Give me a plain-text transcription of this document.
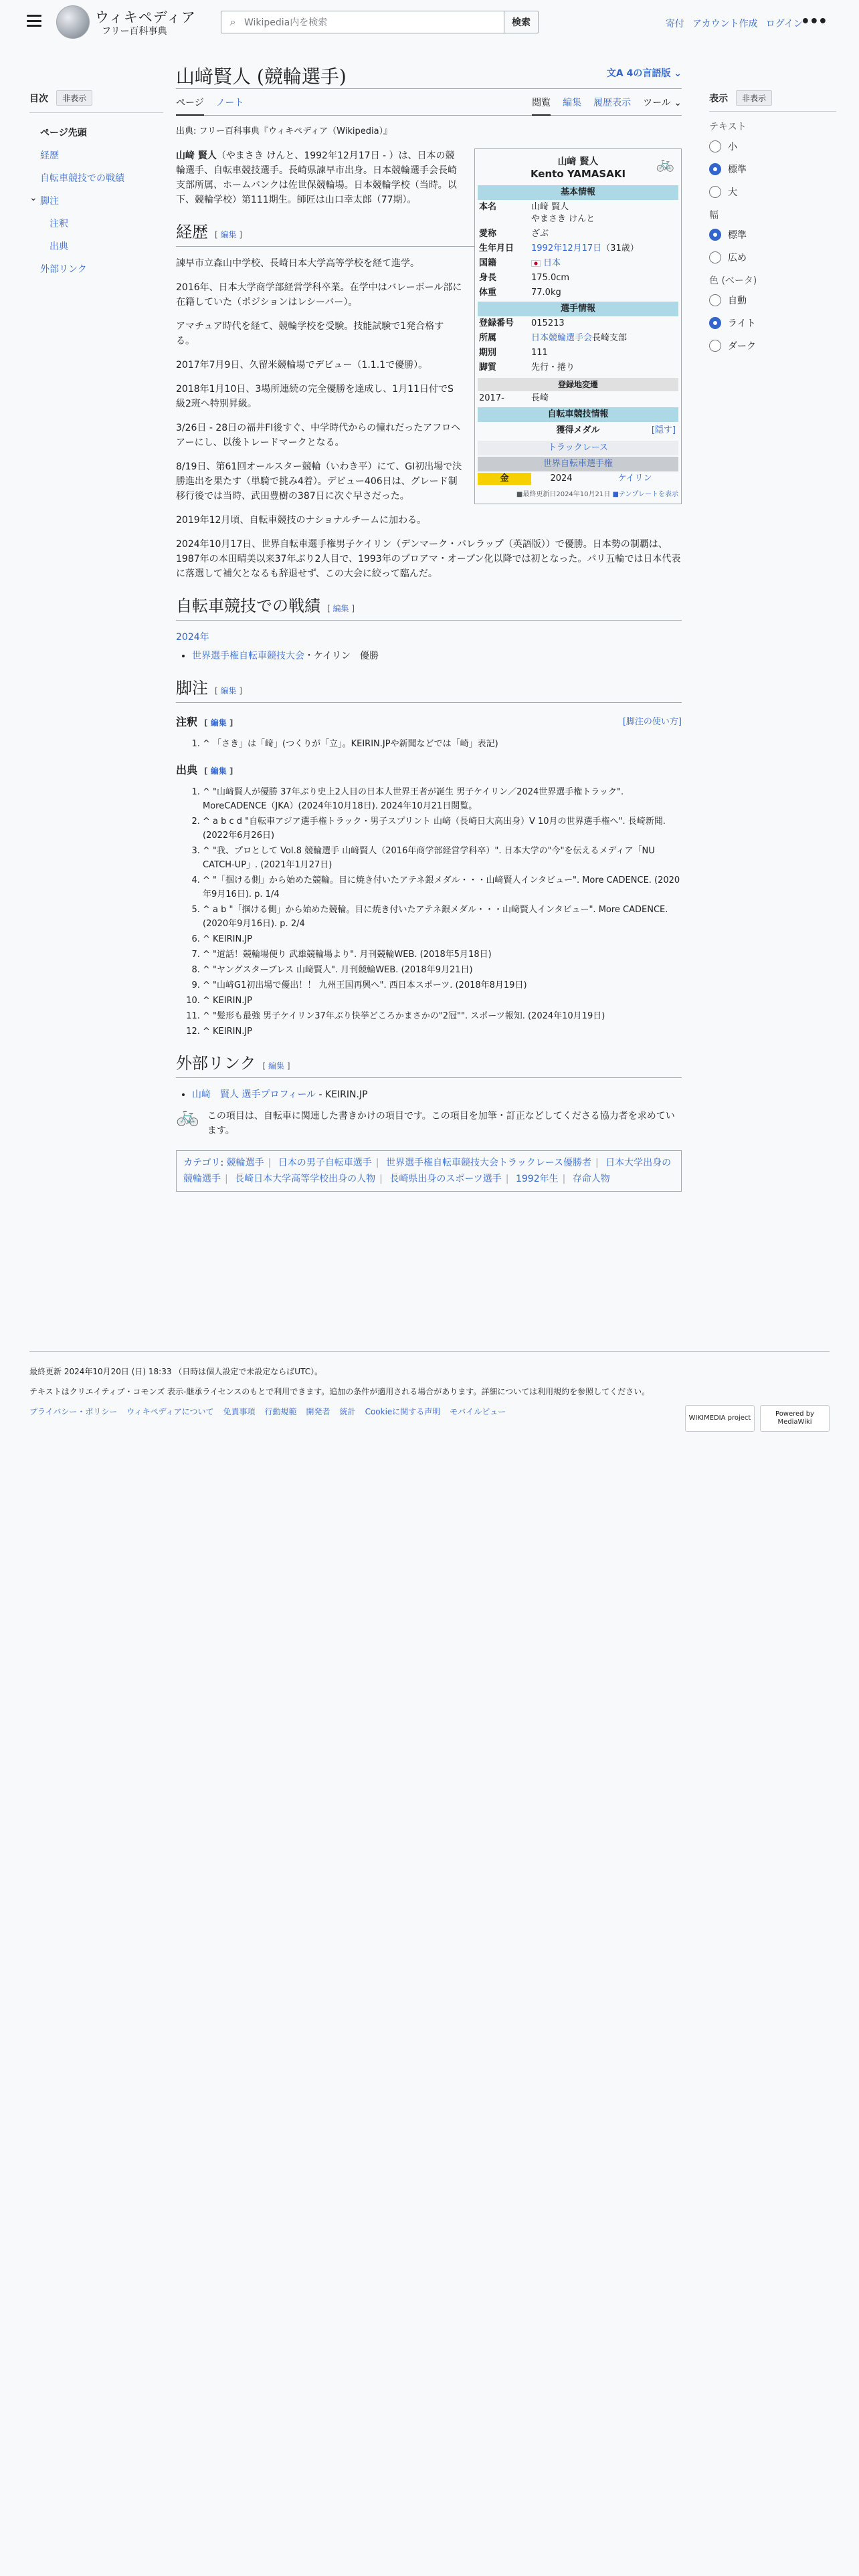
ウィキペディア
フリー百科事典
⌕ Wikipedia内を検索	検索	寄付 アカウント作成 ログイン
•••
目次	非表示
ページ先頭
経歴
自転車競技での戦績
⌄ 脚注
注釈
出典
外部リンク
山﨑賢人 (競輪選手)	文A 4の言語版 ⌄
ページ ノート	閲覧 編集 履歴表示 ツール ⌄
出典: フリー百科事典『ウィキペディア（Wikipedia）』
山﨑 賢人
Kento YAMASAKI
🚲
基本情報
本名	山﨑 賢人
やまさき けんと
愛称	ざぶ
生年月日	1992年12月17日（31歳）
国籍	日本
身長	175.0cm
体重	77.0kg
選手情報
登録番号	015213
所属	日本競輪選手会長崎支部
期別	111
脚質	先行・捲り
登録地変遷
2017-	長崎
自転車競技情報
獲得メダル	[隠す]
トラックレース
世界自転車選手権
金	2024	ケイリン
■最終更新日2024年10月21日 ■テンプレートを表示

山﨑 賢人（やまさき けんと、1992年12月17日 - ）は、日本の競輪選手、自転車競技選手。長崎県諫早市出身。日本競輪選手会長崎支部所属、ホームバンクは佐世保競輪場。日本競輪学校（当時。以下、競輪学校）第111期生。師匠は山口幸太郎（77期）。

経歴 [ 編集 ]

諫早市立森山中学校、長崎日本大学高等学校を経て進学。

2016年、日本大学商学部経営学科卒業。在学中はバレーボール部に在籍していた（ポジションはレシーバー）。

アマチュア時代を経て、競輪学校を受験。技能試験で1発合格する。

2017年7月9日、久留米競輪場でデビュー（1.1.1で優勝）。

2018年1月10日、3場所連続の完全優勝を達成し、1月11日付でS級2班へ特別昇級。

3/26日 - 28日の福井FI後すぐ、中学時代からの憧れだったアフロヘアーにし、以後トレードマークとなる。

8/19日、第61回オールスター競輪（いわき平）にて、GI初出場で決勝進出を果たす（単騎で挑み4着）。デビュー406日は、グレード制移行後では当時、武田豊樹の387日に次ぐ早さだった。

2019年12月頃、自転車競技のナショナルチームに加わる。

2024年10月17日、世界自転車選手権男子ケイリン（デンマーク・バレラップ（英語版））で優勝。日本勢の制覇は、1987年の本田晴美以来37年ぶり2人目で、1993年のプロアマ・オープン化以降では初となった。パリ五輪では日本代表に落選して補欠となるも辞退せず、この大会に絞って臨んだ。

自転車競技での戦績 [ 編集 ]
2024年
• 世界選手権自転車競技大会・ケイリン　優勝
脚注 [ 編集 ]
注釈 [ 編集 ]	[脚注の使い方]
1. ^ 「さき」は「﨑」(つくりが「立」。KEIRIN.JPや新聞などでは「崎」表記)
出典 [ 編集 ]
1. ^ "山﨑賢人が優勝 37年ぶり史上2人目の日本人世界王者が誕生 男子ケイリン／2024世界選手権トラック". MoreCADENCE（JKA）(2024年10月18日). 2024年10月21日閲覧。
2. ^ a b c d "自転車アジア選手権トラック・男子スプリント 山﨑（長崎日大高出身）V 10月の世界選手権へ". 長崎新聞. (2022年6月26日)
3. ^ "我、プロとして Vol.8 競輪選手 山﨑賢人（2016年商学部経営学科卒）". 日本大学の"今"を伝えるメディア「NU CATCH-UP」. (2021年1月27日)
4. ^ "「掴ける側」から始めた競輪。目に焼き付いたアテネ銀メダル・・・山﨑賢人インタビュー". More CADENCE. (2020年9月16日). p. 1/4
5. ^ a b "「掴ける側」から始めた競輪。目に焼き付いたアテネ銀メダル・・・山﨑賢人インタビュー". More CADENCE. (2020年9月16日). p. 2/4
6. ^ KEIRIN.JP
7. ^ "道話！競輪場便り 武雄競輪場より". 月刊競輪WEB. (2018年5月18日)
8. ^ "ヤングスターブレス 山﨑賢人". 月刊競輪WEB. (2018年9月21日)
9. ^ "山﨑G1初出場で優出！！ 九州王国再興へ". 西日本スポーツ. (2018年8月19日)
10. ^ KEIRIN.JP
11. ^ "髪形も最強 男子ケイリン37年ぶり快挙どころかまさかの"2冠"". スポーツ報知. (2024年10月19日)
12. ^ KEIRIN.JP
外部リンク [ 編集 ]
• 山﨑　賢人 選手プロフィール - KEIRIN.JP
🚲 この項目は、自転車に関連した書きかけの項目です。この項目を加筆・訂正などしてくださる協力者を求めています。
カテゴリ: 競輪選手 | 日本の男子自転車選手 | 世界選手権自転車競技大会トラックレース優勝者 | 日本大学出身の競輪選手 | 長崎日本大学高等学校出身の人物 | 長崎県出身のスポーツ選手 | 1992年生 | 存命人物
表示	非表示
テキスト
小
標準
大
幅
標準
広め
色 (ベータ)
自動
ライト
ダーク

最終更新 2024年10月20日 (日) 18:33 （日時は個人設定で未設定ならばUTC）。

テキストはクリエイティブ・コモンズ 表示-継承ライセンスのもとで利用できます。追加の条件が適用される場合があります。詳細については利用規約を参照してください。

プライバシー・ポリシー ウィキペディアについて 免責事項 行動規範 開発者 統計 Cookieに関する声明 モバイルビュー
WIKIMEDIA project
Powered by MediaWiki
